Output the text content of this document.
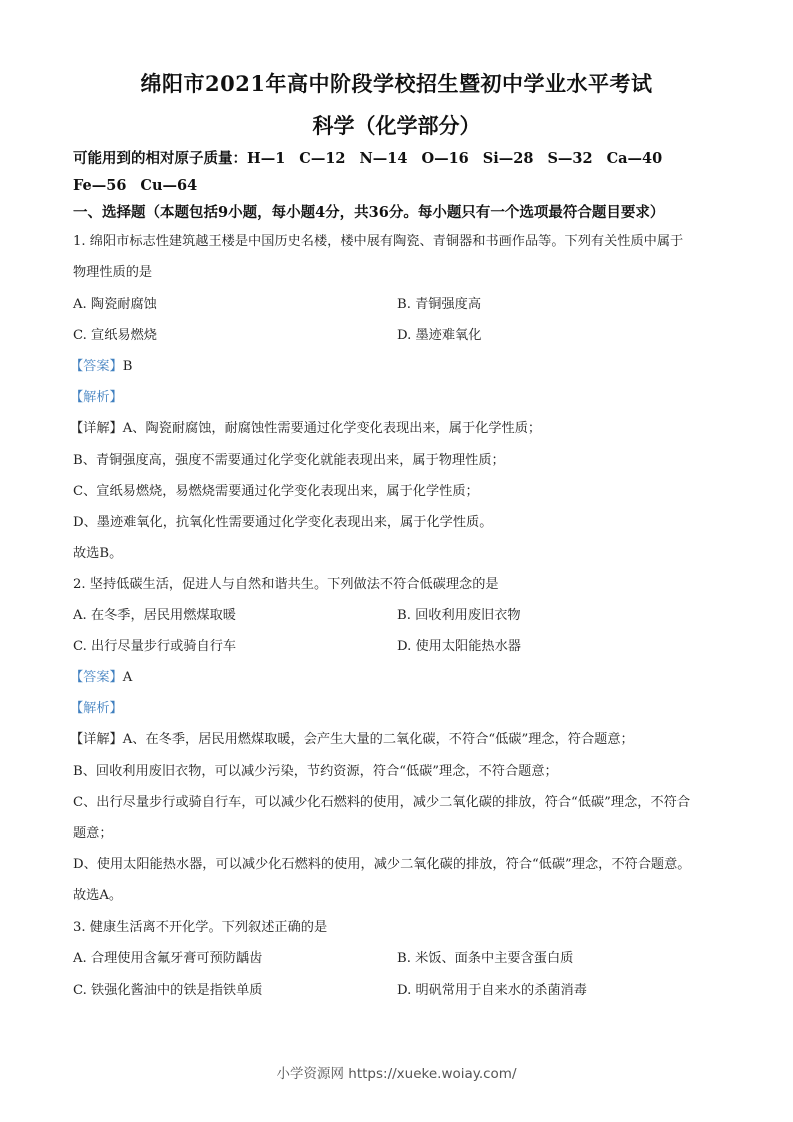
绵阳市2021年高中阶段学校招生暨初中学业水平考试
科学（化学部分）
可能用到的相对原子质量：H—1 C—12 N—14 O—16 Si—28 S—32 Ca—40
Fe—56 Cu—64
一、选择题（本题包括9小题，每小题4分，共36分。每小题只有一个选项最符合题目要求）
1. 绵阳市标志性建筑越王楼是中国历史名楼，楼中展有陶瓷、青铜器和书画作品等。下列有关性质中属于
物理性质的是
A. 陶瓷耐腐蚀	B. 青铜强度高
C. 宣纸易燃烧	D. 墨迹难氧化
【答案】B
【解析】
【详解】A、陶瓷耐腐蚀，耐腐蚀性需要通过化学变化表现出来，属于化学性质；
B、青铜强度高，强度不需要通过化学变化就能表现出来，属于物理性质；
C、宣纸易燃烧，易燃烧需要通过化学变化表现出来，属于化学性质；
D、墨迹难氧化，抗氧化性需要通过化学变化表现出来，属于化学性质。
故选B。
2. 坚持低碳生活，促进人与自然和谐共生。下列做法不符合低碳理念的是
A. 在冬季，居民用燃煤取暖	B. 回收利用废旧衣物
C. 出行尽量步行或骑自行车	D. 使用太阳能热水器
【答案】A
【解析】
【详解】A、在冬季，居民用燃煤取暖，会产生大量的二氧化碳，不符合“低碳”理念，符合题意；
B、回收利用废旧衣物，可以减少污染，节约资源，符合“低碳”理念，不符合题意；
C、出行尽量步行或骑自行车，可以减少化石燃料的使用，减少二氧化碳的排放，符合“低碳”理念，不符合
题意；
D、使用太阳能热水器，可以减少化石燃料的使用，减少二氧化碳的排放，符合“低碳”理念，不符合题意。
故选A。
3. 健康生活离不开化学。下列叙述正确的是
A. 合理使用含氟牙膏可预防龋齿	B. 米饭、面条中主要含蛋白质
C. 铁强化酱油中的铁是指铁单质	D. 明矾常用于自来水的杀菌消毒
小学资源网 https://xueke.woiay.com/
